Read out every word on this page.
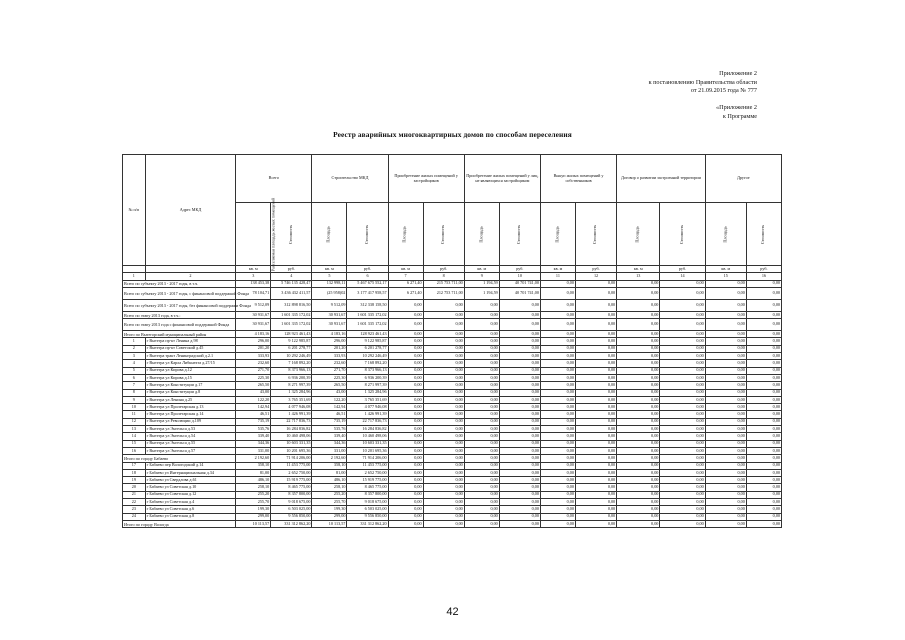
Приложение 2
к постановлению Правительства области
от 21.09.2015 года № 777
«Приложение 2
к Программе
Реестр аварийных многоквартирных домов по способам переселения
№ п/п	Адрес МКД	Всего		Строительство МКД		Приобретение жилых помещений у застройщиков		Приобретение жилых помещений у лиц, не являющихся застройщиком		Выкуп жилых помещений у собственников		Договор о развитии застроенной территории		Другое	
		Расселяемая площадь жилых помещений	Стоимость	Площадь	Стоимость	Площадь	Стоимость	Площадь	Стоимость	Площадь	Стоимость	Площадь	Стоимость	Площадь	Стоимость
		кв. м	руб.	кв. м	руб.	кв. м	руб.	кв. м	руб.	кв. м	руб.	кв. м	руб.	кв. м	руб.
1	2	3	4	5	6	7	8	9	10	11	12	13	14	15	16
Всего по субъекту 2013 - 2017 годы, в т.ч.		138 453,38	5 746 135 428,47	132 998,11	5 467 675 552,17	6 271,40	215 753 711,00	1 194,59	40 701 741,00	0,00	0,00	0,00	0,00	0,00	0,00
Всего по субъекту 2013 - 2017 годы, с финансовой поддержкой Фонда		78 104,71	3 436 432 411,57	(25 958)02	3 177 417 958,57	6 271,40	212 753 711,00	1 194,59	40 701 741,00	0,00	0,00	0,00	0,00	0,00	0,00
Всего по субъекту 2013 - 2017 годы, без финансовой поддержки Фонда		9 512,09	312 898 816,50	9 512,09	312 338 158,50	0,00	0,00	0,00	0,00	0,00	0,00	0,00	0,00	0,00	0,00
Всего по этапу 2013 года, в т.ч.:		30 931,67	1 601 335 172,02	30 931,67	1 601 335 172,02	0,00	0,00	0,00	0,00	0,00	0,00	0,00	0,00	0,00	0,00
Всего по этапу 2013 года с финансовой поддержкой Фонда		30 931,67	1 601 335 172,02	30 931,67	1 601 335 172,02	0,00	0,00	0,00	0,00	0,00	0,00	0,00	0,00	0,00	0,00
Итого по Вытегорский муниципальный район		4 183,16	128 923 461,43	4 183,16	128 923 461,43	0,00	0,00	0,00	0,00	0,00	0,00	0,00	0,00	0,00	0,00
1	г Вытегра пр-кт Ленина д.98	296,00	9 122 985,87	296,00	9 122 985,87	0,00	0,00	0,00	0,00	0,00	0,00	0,00	0,00	0,00	0,00
2	г Вытегра пр-кт Советский д.45	201,20	6 201 278,77	201,20	6 201 278,77	0,00	0,00	0,00	0,00	0,00	0,00	0,00	0,00	0,00	0,00
3	г Вытегра тракт Ленинградский д.2.1	333,93	10 292 246,49	333,93	10 292 246,49	0,00	0,00	0,00	0,00	0,00	0,00	0,00	0,00	0,00	0,00
4	г Вытегра ул Карла Либкнехта д.27/15	232,60	7 168 892,20	232,60	7 168 892,20	0,00	0,00	0,00	0,00	0,00	0,00	0,00	0,00	0,00	0,00
5	г Вытегра ул Кирова д.12	271,70	8 373 966,13	271,70	8 373 966,13	0,00	0,00	0,00	0,00	0,00	0,00	0,00	0,00	0,00	0,00
6	г Вытегра ул Кирова д.15	225,30	6 936 200,39	225,30	6 936 200,39	0,00	0,00	0,00	0,00	0,00	0,00	0,00	0,00	0,00	0,00
7	г Вытегра ул Конституции д.17	265,50	8 271 997,39	265,50	8 271 997,39	0,00	0,00	0,00	0,00	0,00	0,00	0,00	0,00	0,00	0,00
8	г Вытегра ул Конституции д.8	43,00	1 325 284,96	43,00	1 325 284,96	0,00	0,00	0,00	0,00	0,00	0,00	0,00	0,00	0,00	0,00
9	г Вытегра ул Ленина д.25	122,20	3 765 351,69	122,20	3 765 351,69	0,00	0,00	0,00	0,00	0,00	0,00	0,00	0,00	0,00	0,00
10	г Вытегра ул Пролетарская д.13	142,94	4 077 946,08	142,94	4 077 946,08	0,00	0,00	0,00	0,00	0,00	0,00	0,00	0,00	0,00	0,00
11	г Вытегра ул Пролетарская д.14	46,51	1 426 991,39	46,51	1 426 991,39	0,00	0,00	0,00	0,00	0,00	0,00	0,00	0,00	0,00	0,00
12	г Вытегра ул Революции д.109	735,19	22 717 836,73	735,19	22 717 836,73	0,00	0,00	0,00	0,00	0,00	0,00	0,00	0,00	0,00	0,00
13	г Вытегра ул Энгельса д.53	535,76	16 284 836,82	535,76	16 284 836,82	0,00	0,00	0,00	0,00	0,00	0,00	0,00	0,00	0,00	0,00
14	г Вытегра ул Энгельса д.54	339,40	10 460 498,06	339,40	10 460 498,06	0,00	0,00	0,00	0,00	0,00	0,00	0,00	0,00	0,00	0,00
15	г Вытегра ул Энгельса д.55	344,36	10 603 331,35	344,36	10 603 331,35	0,00	0,00	0,00	0,00	0,00	0,00	0,00	0,00	0,00	0,00
16	г Вытегра ул Энгельса д.57	331,00	10 201 695,36	331,00	10 201 695,36	0,00	0,00	0,00	0,00	0,00	0,00	0,00	0,00	0,00	0,00
Итого по городу Бабаево		2 192,60	71 914 206,00	2 192,60	71 914 206,00	0,00	0,00	0,00	0,00	0,00	0,00	0,00	0,00	0,00	0,00
17	г Бабаево пер Вологодский д.14	358,10	11 453 775,00	358,10	11 453 775,00	0,00	0,00	0,00	0,00	0,00	0,00	0,00	0,00	0,00	0,00
18	г Бабаево ул Интернациональная д.34	81,00	2 652 750,00	81,00	2 652 750,00	0,00	0,00	0,00	0,00	0,00	0,00	0,00	0,00	0,00	0,00
19	г Бабаево ул Свердлова д.61	486,10	15 919 775,00	486,10	15 919 775,00	0,00	0,00	0,00	0,00	0,00	0,00	0,00	0,00	0,00	0,00
20	г Бабаево ул Советская д.10	258,10	8 465 775,00	258,10	8 465 775,00	0,00	0,00	0,00	0,00	0,00	0,00	0,00	0,00	0,00	0,00
21	г Бабаево ул Советская д.12	255,20	8 357 800,00	255,20	8 357 800,00	0,00	0,00	0,00	0,00	0,00	0,00	0,00	0,00	0,00	0,00
22	г Бабаево ул Советская д.4	255,70	9 018 675,00	255,70	9 018 675,00	0,00	0,00	0,00	0,00	0,00	0,00	0,00	0,00	0,00	0,00
23	г Бабаево ул Советская д.6	199,30	6 503 025,00	199,30	6 503 025,00	0,00	0,00	0,00	0,00	0,00	0,00	0,00	0,00	0,00	0,00
24	г Бабаево ул Советская д.8	299,00	9 556 850,00	299,00	9 556 850,00	0,00	0,00	0,00	0,00	0,00	0,00	0,00	0,00	0,00	0,00
Итого по городу Вологда		10 113,57	331 312 862,20	10 113,57	331 312 862,20	0,00	0,00	0,00	0,00	0,00	0,00	0,00	0,00	0,00	0,00
42
